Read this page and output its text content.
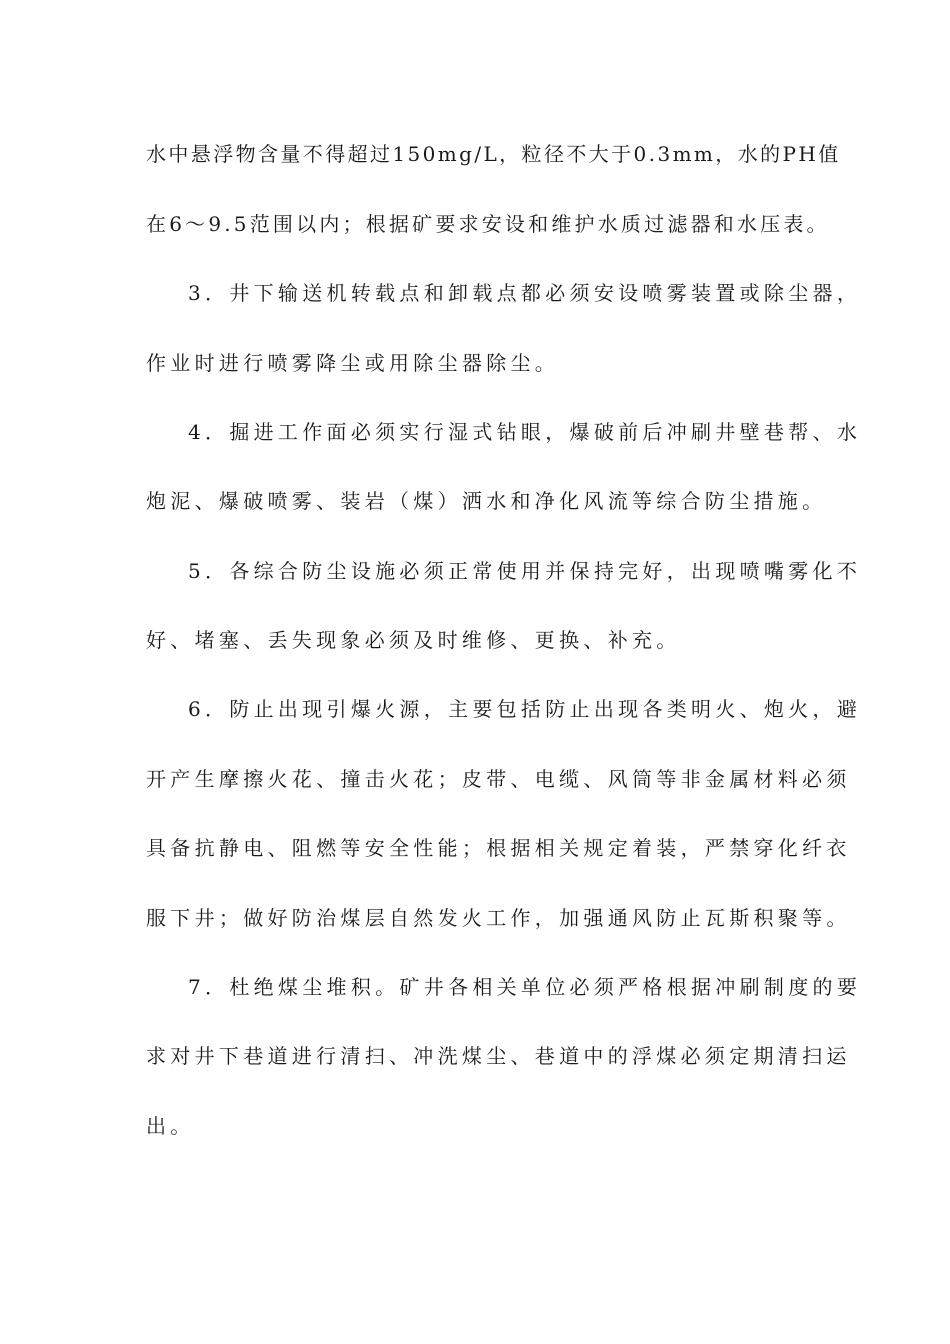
水中悬浮物含量不得超过150mg/L，粒径不大于0.3mm，水的PH值
在6～9.5范围以内；根据矿要求安设和维护水质过滤器和水压表。
3．井下输送机转载点和卸载点都必须安设喷雾装置或除尘器，
作业时进行喷雾降尘或用除尘器除尘。
4．掘进工作面必须实行湿式钻眼，爆破前后冲刷井壁巷帮、水
炮泥、爆破喷雾、装岩（煤）洒水和净化风流等综合防尘措施。
5．各综合防尘设施必须正常使用并保持完好，出现喷嘴雾化不
好、堵塞、丢失现象必须及时维修、更换、补充。
6．防止出现引爆火源，主要包括防止出现各类明火、炮火，避
开产生摩擦火花、撞击火花；皮带、电缆、风筒等非金属材料必须
具备抗静电、阻燃等安全性能；根据相关规定着装，严禁穿化纤衣
服下井；做好防治煤层自然发火工作，加强通风防止瓦斯积聚等。
7．杜绝煤尘堆积。矿井各相关单位必须严格根据冲刷制度的要
求对井下巷道进行清扫、冲洗煤尘、巷道中的浮煤必须定期清扫运
出。
